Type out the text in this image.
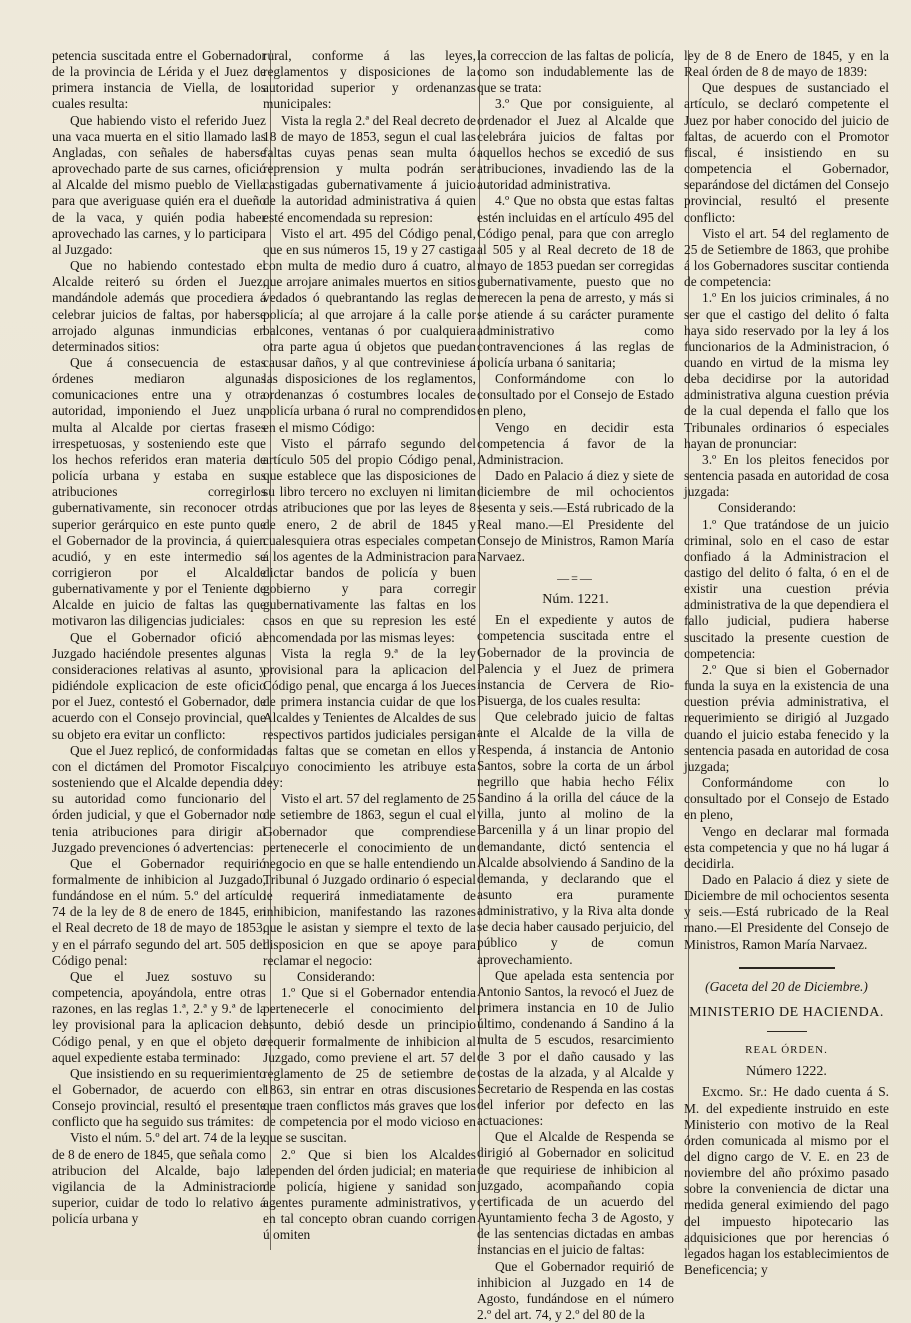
petencia suscitada entre el Gobernador de la provincia de Lérida y el Juez de primera instancia de Viella, de los cuales resulta:

Que habiendo visto el referido Juez una vaca muerta en el sitio llamado las Angladas, con señales de haberse aprovechado parte de sus carnes, ofició al Alcalde del mismo pueblo de Viella para que averiguase quién era el dueño de la vaca, y quién podia haber aprovechado las carnes, y lo participara al Juzgado:

Que no habiendo contestado el Alcalde reiteró su órden el Juez, mandándole además que procediera á celebrar juicios de faltas, por haberse arrojado algunas inmundicias en determinados sitios:

Que á consecuencia de estas órdenes mediaron algunas comunicaciones entre una y otra autoridad, imponiendo el Juez una multa al Alcalde por ciertas frases irrespetuosas, y sosteniendo este que los hechos referidos eran materia de policía urbana y estaba en sus atribuciones corregirlos gubernativamente, sin reconocer otro superior gerárquico en este punto que el Gobernador de la provincia, á quien acudió, y en este intermedio se corrigieron por el Alcalde gubernativamente y por el Teniente de Alcalde en juicio de faltas las que motivaron las diligencias judiciales:

Que el Gobernador ofició al Juzgado haciéndole presentes algunas consideraciones relativas al asunto, y pidiéndole explicacion de este oficio por el Juez, contestó el Gobernador, de acuerdo con el Consejo provincial, que su objeto era evitar un conflicto:

Que el Juez replicó, de conformidad con el dictámen del Promotor Fiscal, sosteniendo que el Alcalde dependia de su autoridad como funcionario del órden judicial, y que el Gobernador no tenia atribuciones para dirigir al Juzgado prevenciones ó advertencias:

Que el Gobernador requirió formalmente de inhibicion al Juzgado, fundándose en el núm. 5.º del artículo 74 de la ley de 8 de enero de 1845, en el Real decreto de 18 de mayo de 1853, y en el párrafo segundo del art. 505 del Código penal:

Que el Juez sostuvo su competencia, apoyándola, entre otras razones, en las reglas 1.ª, 2.ª y 9.ª de la ley provisional para la aplicacion del Código penal, y en que el objeto de aquel expediente estaba terminado:

Que insistiendo en su requerimiento el Gobernador, de acuerdo con el Consejo provincial, resultó el presente conflicto que ha seguido sus trámites:

Visto el núm. 5.º del art. 74 de la ley de 8 de enero de 1845, que señala como atribucion del Alcalde, bajo la vigilancia de la Administracion superior, cuidar de todo lo relativo á policía urbana y

rural, conforme á las leyes, reglamentos y disposiciones de la autoridad superior y ordenanzas municipales:

Vista la regla 2.ª del Real decreto de 18 de mayo de 1853, segun el cual las faltas cuyas penas sean multa ó reprension y multa podrán ser castigadas gubernativamente á juicio de la autoridad administrativa á quien esté encomendada su represion:

Visto el art. 495 del Código penal, que en sus números 15, 19 y 27 castiga con multa de medio duro á cuatro, al que arrojare animales muertos en sitios vedados ó quebrantando las reglas de policía; al que arrojare á la calle por balcones, ventanas ó por cualquiera otra parte agua ú objetos que puedan causar daños, y al que contreviniese á las disposiciones de los reglamentos, ordenanzas ó costumbres locales de policía urbana ó rural no comprendidos en el mismo Código:

Visto el párrafo segundo del artículo 505 del propio Código penal, que establece que las disposiciones de su libro tercero no excluyen ni limitan las atribuciones que por las leyes de 8 de enero, 2 de abril de 1845 y cualesquiera otras especiales competan á los agentes de la Administracion para dictar bandos de policía y buen gobierno y para corregir gubernativamente las faltas en los casos en que su represion les esté encomendada por las mismas leyes:

Vista la regla 9.ª de la ley provisional para la aplicacion del Código penal, que encarga á los Jueces de primera instancia cuidar de que los Alcaldes y Tenientes de Alcaldes de sus respectivos partidos judiciales persigan las faltas que se cometan en ellos y cuyo conocimiento les atribuye esta ley:

Visto el art. 57 del reglamento de 25 de setiembre de 1863, segun el cual el Gobernador que comprendiese pertenecerle el conocimiento de un negocio en que se halle entendiendo un Tribunal ó Juzgado ordinario ó especial le requerirá inmediatamente de inhibicion, manifestando las razones que le asistan y siempre el texto de la disposicion en que se apoye para reclamar el negocio:

Considerando:

1.º Que si el Gobernador entendia pertenecerle el conocimiento del asunto, debió desde un principio requerir formalmente de inhibicion al Juzgado, como previene el art. 57 del reglamento de 25 de setiembre de 1863, sin entrar en otras discusiones que traen conflictos más graves que los de competencia por el modo vicioso en que se suscitan.

2.º Que si bien los Alcaldes dependen del órden judicial; en materia de policía, higiene y sanidad son agentes puramente administrativos, y en tal concepto obran cuando corrigen ú omiten

la correccion de las faltas de policía, como son indudablemente las de que se trata:

3.º Que por consiguiente, al ordenador el Juez al Alcalde que celebrára juicios de faltas por aquellos hechos se excedió de sus atribuciones, invadiendo las de la autoridad administrativa.

4.º Que no obsta que estas faltas estén incluidas en el artículo 495 del Código penal, para que con arreglo al 505 y al Real decreto de 18 de mayo de 1853 puedan ser corregidas gubernativamente, puesto que no merecen la pena de arresto, y más si se atiende á su carácter puramente administrativo como contravenciones á las reglas de policía urbana ó sanitaria;

Conformándome con lo consultado por el Consejo de Estado en pleno,

Vengo en decidir esta competencia á favor de la Administracion.

Dado en Palacio á diez y siete de diciembre de mil ochocientos sesenta y seis.—Está rubricado de la Real mano.—El Presidente del Consejo de Ministros, Ramon María Narvaez.

—=—
Núm. 1221.

En el expediente y autos de competencia suscitada entre el Gobernador de la provincia de Palencia y el Juez de primera instancia de Cervera de Rio-Pisuerga, de los cuales resulta:

Que celebrado juicio de faltas ante el Alcalde de la villa de Respenda, á instancia de Antonio Santos, sobre la corta de un árbol negrillo que habia hecho Félix Sandino á la orilla del cáuce de la villa, junto al molino de la Barcenilla y á un linar propio del demandante, dictó sentencia el Alcalde absolviendo á Sandino de la demanda, y declarando que el asunto era puramente administrativo, y la Riva alta donde se decia haber causado perjuicio, del público y de comun aprovechamiento.

Que apelada esta sentencia por Antonio Santos, la revocó el Juez de primera instancia en 10 de Julio último, condenando á Sandino á la multa de 5 escudos, resarcimiento de 3 por el daño causado y las costas de la alzada, y al Alcalde y Secretario de Respenda en las costas del inferior por defecto en las actuaciones:

Que el Alcalde de Respenda se dirigió al Gobernador en solicitud de que requiriese de inhibicion al juzgado, acompañando copia certificada de un acuerdo del Ayuntamiento fecha 3 de Agosto, y de las sentencias dictadas en ambas instancias en el juicio de faltas:

Que el Gobernador requirió de inhibicion al Juzgado en 14 de Agosto, fundándose en el número 2.º del art. 74, y 2.º del 80 de la

ley de 8 de Enero de 1845, y en la Real órden de 8 de mayo de 1839:

Que despues de sustanciado el artículo, se declaró competente el Juez por haber conocido del juicio de faltas, de acuerdo con el Promotor fiscal, é insistiendo en su competencia el Gobernador, separándose del dictámen del Consejo provincial, resultó el presente conflicto:

Visto el art. 54 del reglamento de 25 de Setiembre de 1863, que prohibe á los Gobernadores suscitar contienda de competencia:

1.º En los juicios criminales, á no ser que el castigo del delito ó falta haya sido reservado por la ley á los funcionarios de la Administracion, ó cuando en virtud de la misma ley deba decidirse por la autoridad administrativa alguna cuestion prévia de la cual dependa el fallo que los Tribunales ordinarios ó especiales hayan de pronunciar:

3.º En los pleitos fenecidos por sentencia pasada en autoridad de cosa juzgada:

Considerando:

1.º Que tratándose de un juicio criminal, solo en el caso de estar confiado á la Administracion el castigo del delito ó falta, ó en el de existir una cuestion prévia administrativa de la que dependiera el fallo judicial, pudiera haberse suscitado la presente cuestion de competencia:

2.º Que si bien el Gobernador funda la suya en la existencia de una cuestion prévia administrativa, el requerimiento se dirigió al Juzgado cuando el juicio estaba fenecido y la sentencia pasada en autoridad de cosa juzgada;

Conformándome con lo consultado por el Consejo de Estado en pleno,

Vengo en declarar mal formada esta competencia y que no há lugar á decidirla.

Dado en Palacio á diez y siete de Diciembre de mil ochocientos sesenta y seis.—Está rubricado de la Real mano.—El Presidente del Consejo de Ministros, Ramon María Narvaez.

(Gaceta del 20 de Diciembre.)
MINISTERIO DE HACIENDA.
REAL ÓRDEN.
Número 1222.

Excmo. Sr.: He dado cuenta á S. M. del expediente instruido en este Ministerio con motivo de la Real órden comunicada al mismo por el del digno cargo de V. E. en 23 de noviembre del año próximo pasado sobre la conveniencia de dictar una medida general eximiendo del pago del impuesto hipotecario las adquisiciones que por herencias ó legados hagan los establecimientos de Beneficencia; y
